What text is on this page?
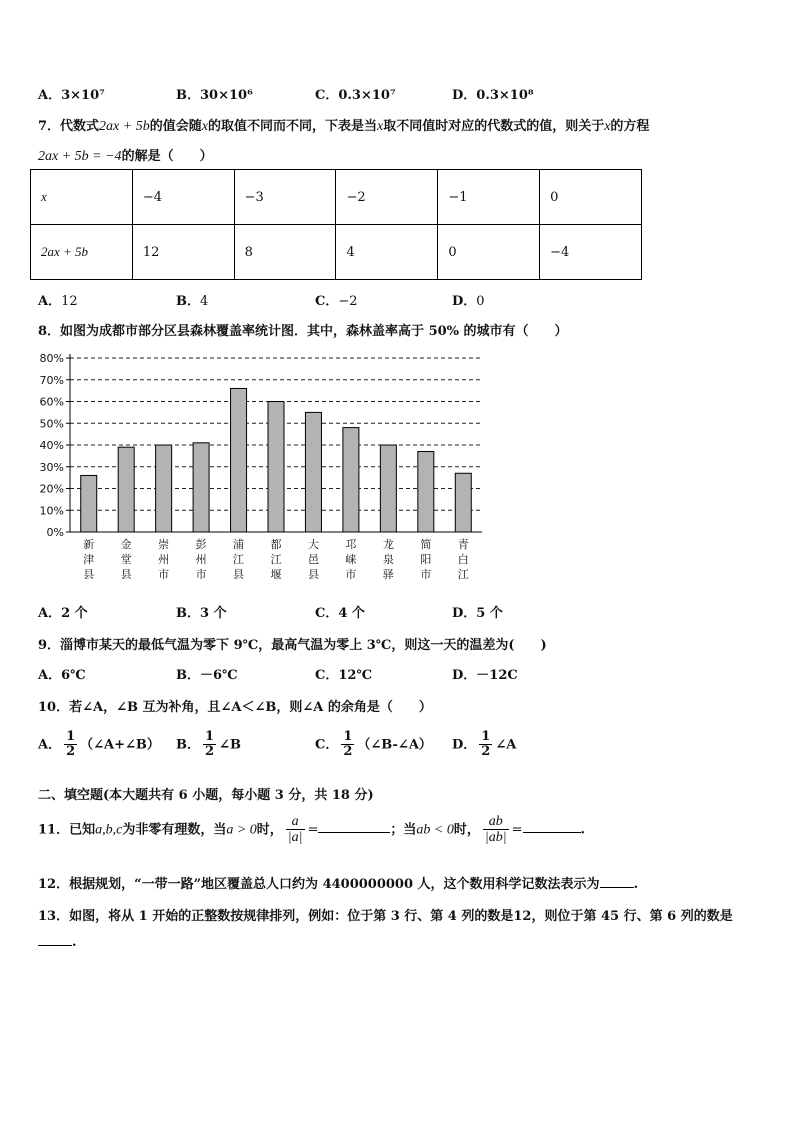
A．3×10⁷	B．30×10⁶	C．0.3×10⁷	D．0.3×10⁸
7．代数式2ax + 5b的值会随x的取值不同而不同，下表是当x取不同值时对应的代数式的值，则关于x的方程
2ax + 5b = −4的解是（　　）
x	−4	−3	−2	−1	0
2ax + 5b	12	8	4	0	−4
A．12	B．4	C．−2	D．0
8．如图为成都市部分区县森林覆盖率统计图．其中，森林盖率高于 50% 的城市有（　　）
0%
10%
20%
30%
40%
50%
60%
70%
80%
新津县
金堂县
崇州市
彭州市
浦江县
都江堰
大邑县
邛崃市
龙泉驿
简阳市
青白江
A．2 个	B．3 个	C．4 个	D．5 个
9．淄博市某天的最低气温为零下 9℃，最高气温为零上 3℃，则这一天的温差为(　　)
A．6℃	B．－6℃	C．12℃	D．－12C
10．若∠A，∠B 互为补角，且∠A＜∠B，则∠A 的余角是（　　）
A． $\frac{1}{2}$ （∠A+∠B） B． $\frac{1}{2}$ ∠B	C． $\frac{1}{2}$ （∠B-∠A） D． $\frac{1}{2}$ ∠A
二、填空题(本大题共有 6 小题，每小题 3 分，共 18 分)
11．已知a,b,c为非零有理数，当a > 0时， $\frac{a}{|a|}$ =	；当ab < 0时， $\frac{ab}{|ab|}$ =	.
12．根据规划，“一带一路”地区覆盖总人口约为 4400000000 人，这个数用科学记数法表示为	.
13．如图，将从 1 开始的正整数按规律排列，例如：位于第 3 行、第 4 列的数是12，则位于第 45 行、第 6 列的数是
.
